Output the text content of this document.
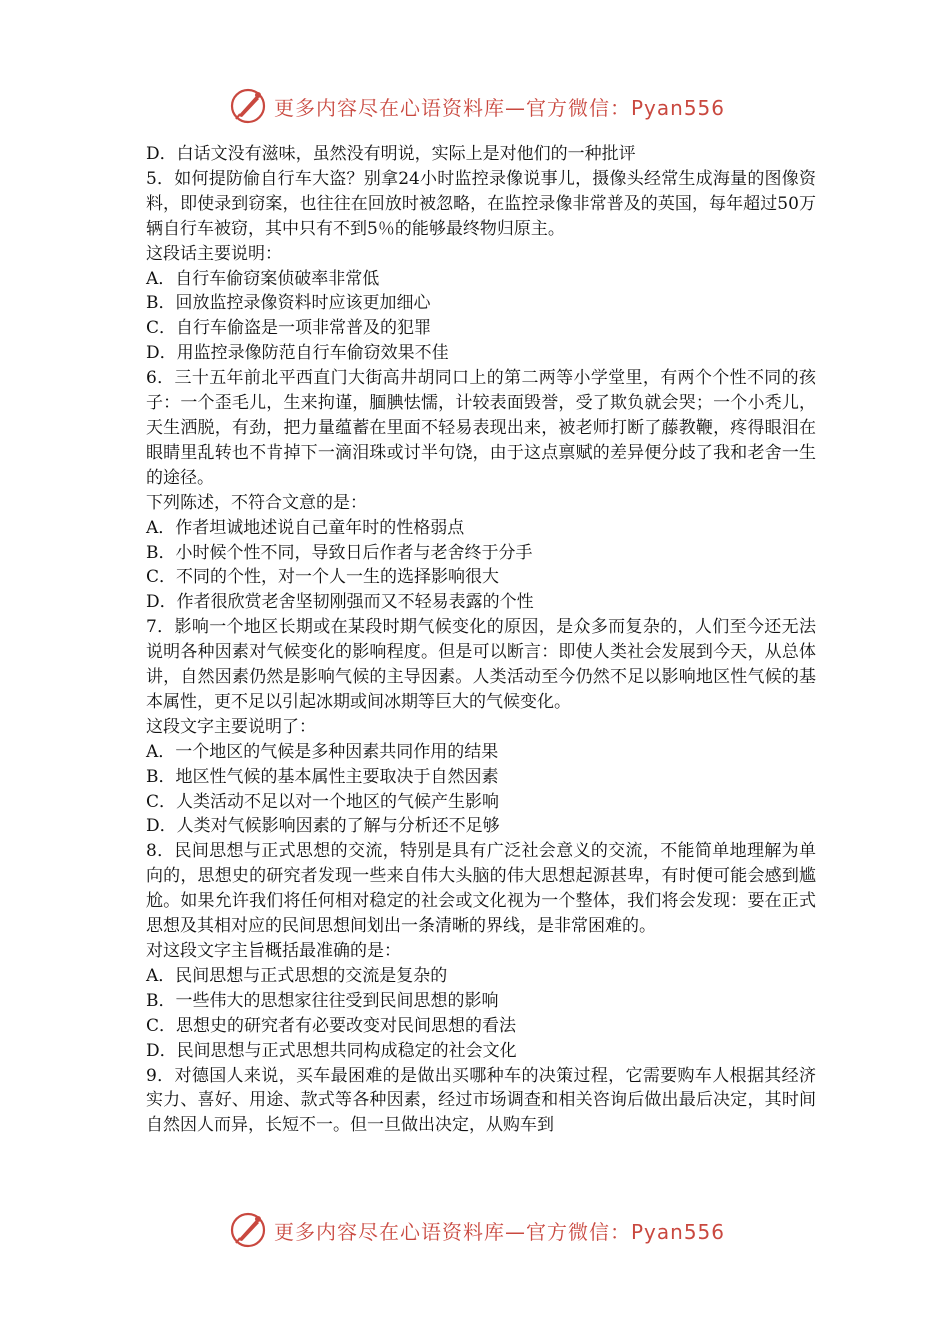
更多内容尽在心语资料库—官方微信：Pyan556

D．白话文没有滋味，虽然没有明说，实际上是对他们的一种批评

5．如何提防偷自行车大盗？别拿24小时监控录像说事儿，摄像头经常生成海量的图像资料，即使录到窃案，也往往在回放时被忽略，在监控录像非常普及的英国，每年超过50万辆自行车被窃，其中只有不到5％的能够最终物归原主。

这段话主要说明：

A．自行车偷窃案侦破率非常低

B．回放监控录像资料时应该更加细心

C．自行车偷盗是一项非常普及的犯罪

D．用监控录像防范自行车偷窃效果不佳

6．三十五年前北平西直门大街高井胡同口上的第二两等小学堂里，有两个个性不同的孩子：一个歪毛儿，生来拘谨，腼腆怯懦，计较表面毁誉，受了欺负就会哭；一个小秃儿，天生洒脱，有劲，把力量蕴蓄在里面不轻易表现出来，被老师打断了藤教鞭，疼得眼泪在眼睛里乱转也不肯掉下一滴泪珠或讨半句饶，由于这点禀赋的差异便分歧了我和老舍一生的途径。

下列陈述，不符合文意的是：

A．作者坦诚地述说自己童年时的性格弱点

B．小时候个性不同，导致日后作者与老舍终于分手

C．不同的个性，对一个人一生的选择影响很大

D．作者很欣赏老舍坚韧刚强而又不轻易表露的个性

7．影响一个地区长期或在某段时期气候变化的原因，是众多而复杂的，人们至今还无法说明各种因素对气候变化的影响程度。但是可以断言：即使人类社会发展到今天，从总体讲，自然因素仍然是影响气候的主导因素。人类活动至今仍然不足以影响地区性气候的基本属性，更不足以引起冰期或间冰期等巨大的气候变化。

这段文字主要说明了：

A．一个地区的气候是多种因素共同作用的结果

B．地区性气候的基本属性主要取决于自然因素

C．人类活动不足以对一个地区的气候产生影响

D．人类对气候影响因素的了解与分析还不足够

8．民间思想与正式思想的交流，特别是具有广泛社会意义的交流，不能简单地理解为单向的，思想史的研究者发现一些来自伟大头脑的伟大思想起源甚卑，有时便可能会感到尴尬。如果允许我们将任何相对稳定的社会或文化视为一个整体，我们将会发现：要在正式思想及其相对应的民间思想间划出一条清晰的界线，是非常困难的。

对这段文字主旨概括最准确的是：

A．民间思想与正式思想的交流是复杂的

B．一些伟大的思想家往往受到民间思想的影响

C．思想史的研究者有必要改变对民间思想的看法

D．民间思想与正式思想共同构成稳定的社会文化

9．对德国人来说，买车最困难的是做出买哪种车的决策过程，它需要购车人根据其经济实力、喜好、用途、款式等各种因素，经过市场调查和相关咨询后做出最后决定，其时间自然因人而异，长短不一。但一旦做出决定，从购车到

更多内容尽在心语资料库—官方微信：Pyan556
